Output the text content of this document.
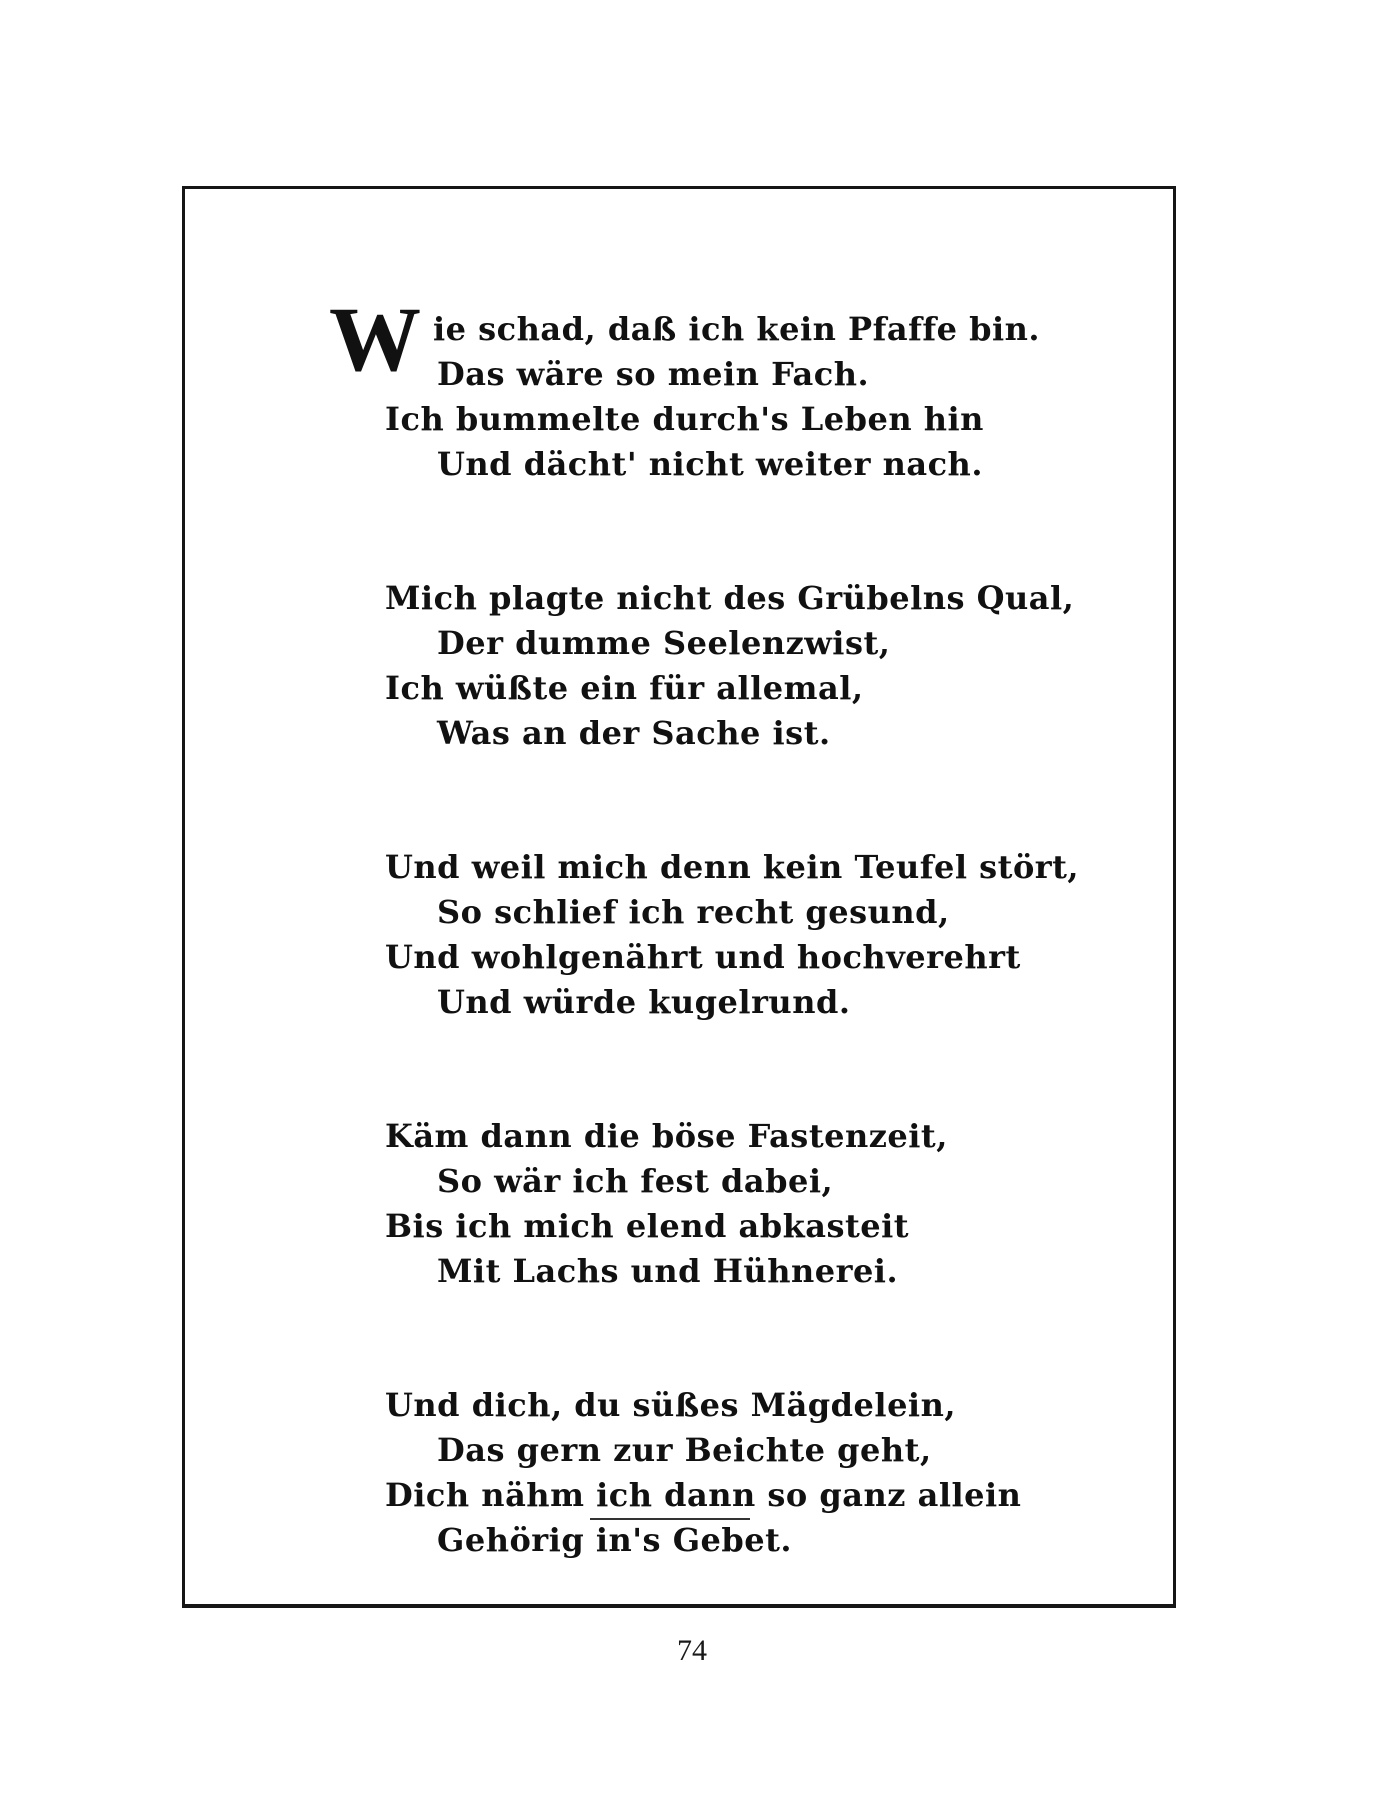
W ie schad, daß ich kein Pfaffe bin.
Das wäre so mein Fach.
Ich bummelte durch's Leben hin
Und dächt' nicht weiter nach.
Mich plagte nicht des Grübelns Qual,
Der dumme Seelenzwist,
Ich wüßte ein für allemal,
Was an der Sache ist.
Und weil mich denn kein Teufel stört,
So schlief ich recht gesund,
Und wohlgenährt und hochverehrt
Und würde kugelrund.
Käm dann die böse Fastenzeit,
So wär ich fest dabei,
Bis ich mich elend abkasteit
Mit Lachs und Hühnerei.
Und dich, du süßes Mägdelein,
Das gern zur Beichte geht,
Dich nähm ich dann so ganz allein
Gehörig in's Gebet.
74
